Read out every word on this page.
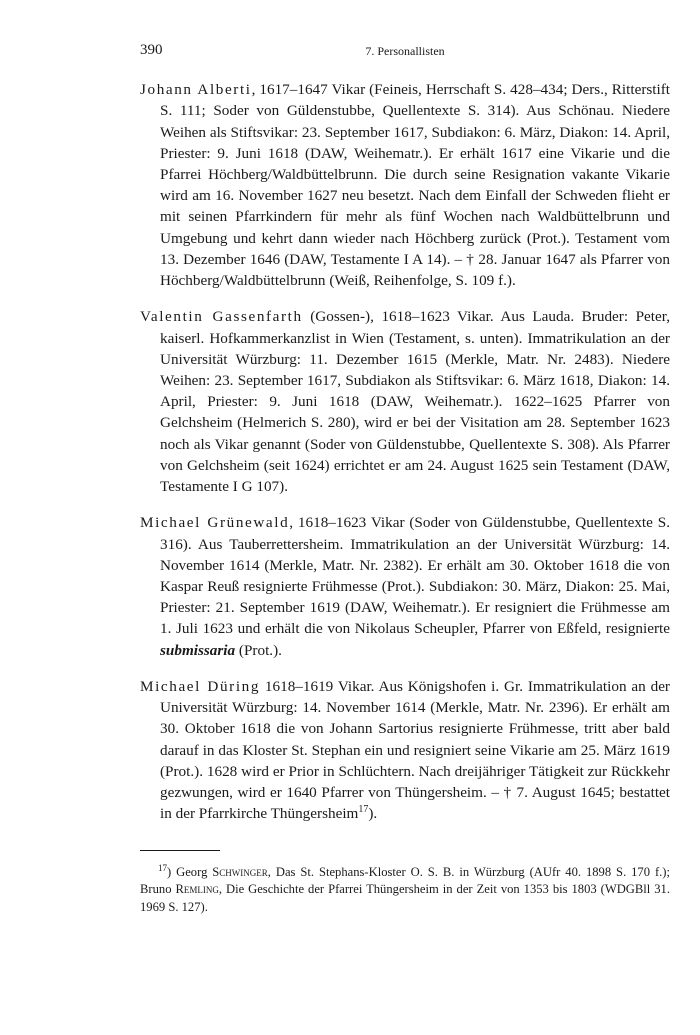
390	7. Personallisten

Johann Alberti, 1617–1647 Vikar (Feineis, Herrschaft S. 428–434; Ders., Ritterstift S. 111; Soder von Güldenstubbe, Quellentexte S. 314). Aus Schönau. Niedere Weihen als Stiftsvikar: 23. September 1617, Subdiakon: 6. März, Diakon: 14. April, Priester: 9. Juni 1618 (DAW, Weihematr.). Er erhält 1617 eine Vikarie und die Pfarrei Höchberg/Waldbüttelbrunn. Die durch seine Resignation vakante Vikarie wird am 16. November 1627 neu besetzt. Nach dem Einfall der Schweden flieht er mit seinen Pfarrkindern für mehr als fünf Wochen nach Waldbüttelbrunn und Umgebung und kehrt dann wieder nach Höchberg zurück (Prot.). Testament vom 13. Dezember 1646 (DAW, Testamente I A 14). – † 28. Januar 1647 als Pfarrer von Höchberg/Waldbüttelbrunn (Weiß, Reihenfolge, S. 109 f.).

Valentin Gassenfarth (Gossen-), 1618–1623 Vikar. Aus Lauda. Bruder: Peter, kaiserl. Hofkammerkanzlist in Wien (Testament, s. unten). Immatrikulation an der Universität Würzburg: 11. Dezember 1615 (Merkle, Matr. Nr. 2483). Niedere Weihen: 23. September 1617, Subdiakon als Stiftsvikar: 6. März 1618, Diakon: 14. April, Priester: 9. Juni 1618 (DAW, Weihematr.). 1622–1625 Pfarrer von Gelchsheim (Helmerich S. 280), wird er bei der Visitation am 28. September 1623 noch als Vikar genannt (Soder von Güldenstubbe, Quellentexte S. 308). Als Pfarrer von Gelchsheim (seit 1624) errichtet er am 24. August 1625 sein Testament (DAW, Testamente I G 107).

Michael Grünewald, 1618–1623 Vikar (Soder von Güldenstubbe, Quellentexte S. 316). Aus Tauberrettersheim. Immatrikulation an der Universität Würzburg: 14. November 1614 (Merkle, Matr. Nr. 2382). Er erhält am 30. Oktober 1618 die von Kaspar Reuß resignierte Frühmesse (Prot.). Subdiakon: 30. März, Diakon: 25. Mai, Priester: 21. September 1619 (DAW, Weihematr.). Er resigniert die Frühmesse am 1. Juli 1623 und erhält die von Nikolaus Scheupler, Pfarrer von Eßfeld, resignierte submissaria (Prot.).

Michael Düring 1618–1619 Vikar. Aus Königshofen i. Gr. Immatrikulation an der Universität Würzburg: 14. November 1614 (Merkle, Matr. Nr. 2396). Er erhält am 30. Oktober 1618 die von Johann Sartorius resignierte Frühmesse, tritt aber bald darauf in das Kloster St. Stephan ein und resigniert seine Vikarie am 25. März 1619 (Prot.). 1628 wird er Prior in Schlüchtern. Nach dreijähriger Tätigkeit zur Rückkehr gezwungen, wird er 1640 Pfarrer von Thüngersheim. – † 7. August 1645; bestattet in der Pfarrkirche Thüngersheim$^{17}$).

$^{17}$) Georg Schwinger, Das St. Stephans-Kloster O. S. B. in Würzburg (AUfr 40. 1898 S. 170 f.); Bruno Remling, Die Geschichte der Pfarrei Thüngersheim in der Zeit von 1353 bis 1803 (WDGBll 31. 1969 S. 127).
